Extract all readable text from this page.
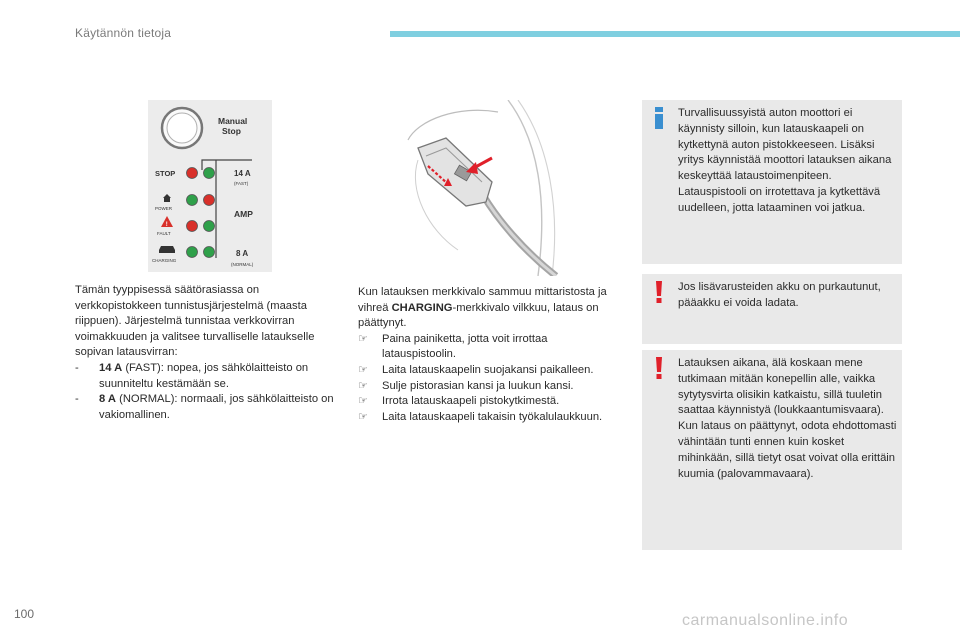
Käytännön tietoja
Manual
Stop
STOP
POWER
!
FAULT
CHARGING
14 A
(FAST)
AMP
8 A
(NORMAL)
Tämän tyyppisessä säätörasiassa on verkkopistokkeen tunnistusjärjestelmä (maasta riippuen). Järjestelmä tunnistaa verkkovirran voimakkuuden ja valitsee turvalliselle lataukselle sopivan latausvirran:
- 14 A (FAST): nopea, jos sähkölaitteisto on suunniteltu kestämään se.
- 8 A (NORMAL): normaali, jos sähkölaitteisto on vakiomallinen.
Kun latauksen merkkivalo sammuu mittaristosta ja vihreä CHARGING-merkkivalo vilkkuu, lataus on päättynyt.
☞ Paina painiketta, jotta voit irrottaa latauspistoolin.
☞ Laita latauskaapelin suojakansi paikalleen.
☞ Sulje pistorasian kansi ja luukun kansi.
☞ Irrota latauskaapeli pistokytkimestä.
☞ Laita latauskaapeli takaisin työkalulaukkuun.
Turvallisuussyistä auton moottori ei käynnisty silloin, kun latauskaapeli on kytkettynä auton pistokkeeseen. Lisäksi yritys käynnistää moottori latauksen aikana keskeyttää lataustoimenpiteen. Latauspistooli on irrotettava ja kytkettävä uudelleen, jotta lataaminen voi jatkua.
Jos lisävarusteiden akku on purkautunut, pääakku ei voida ladata.
Latauksen aikana, älä koskaan mene tutkimaan mitään konepellin alle, vaikka sytytysvirta olisikin katkaistu, sillä tuuletin saattaa käynnistyä (loukkaantumisvaara). Kun lataus on päättynyt, odota ehdottomasti vähintään tunti ennen kuin kosket mihinkään, sillä tietyt osat voivat olla erittäin kuumia (palovammavaara).
100	carmanualsonline.info
